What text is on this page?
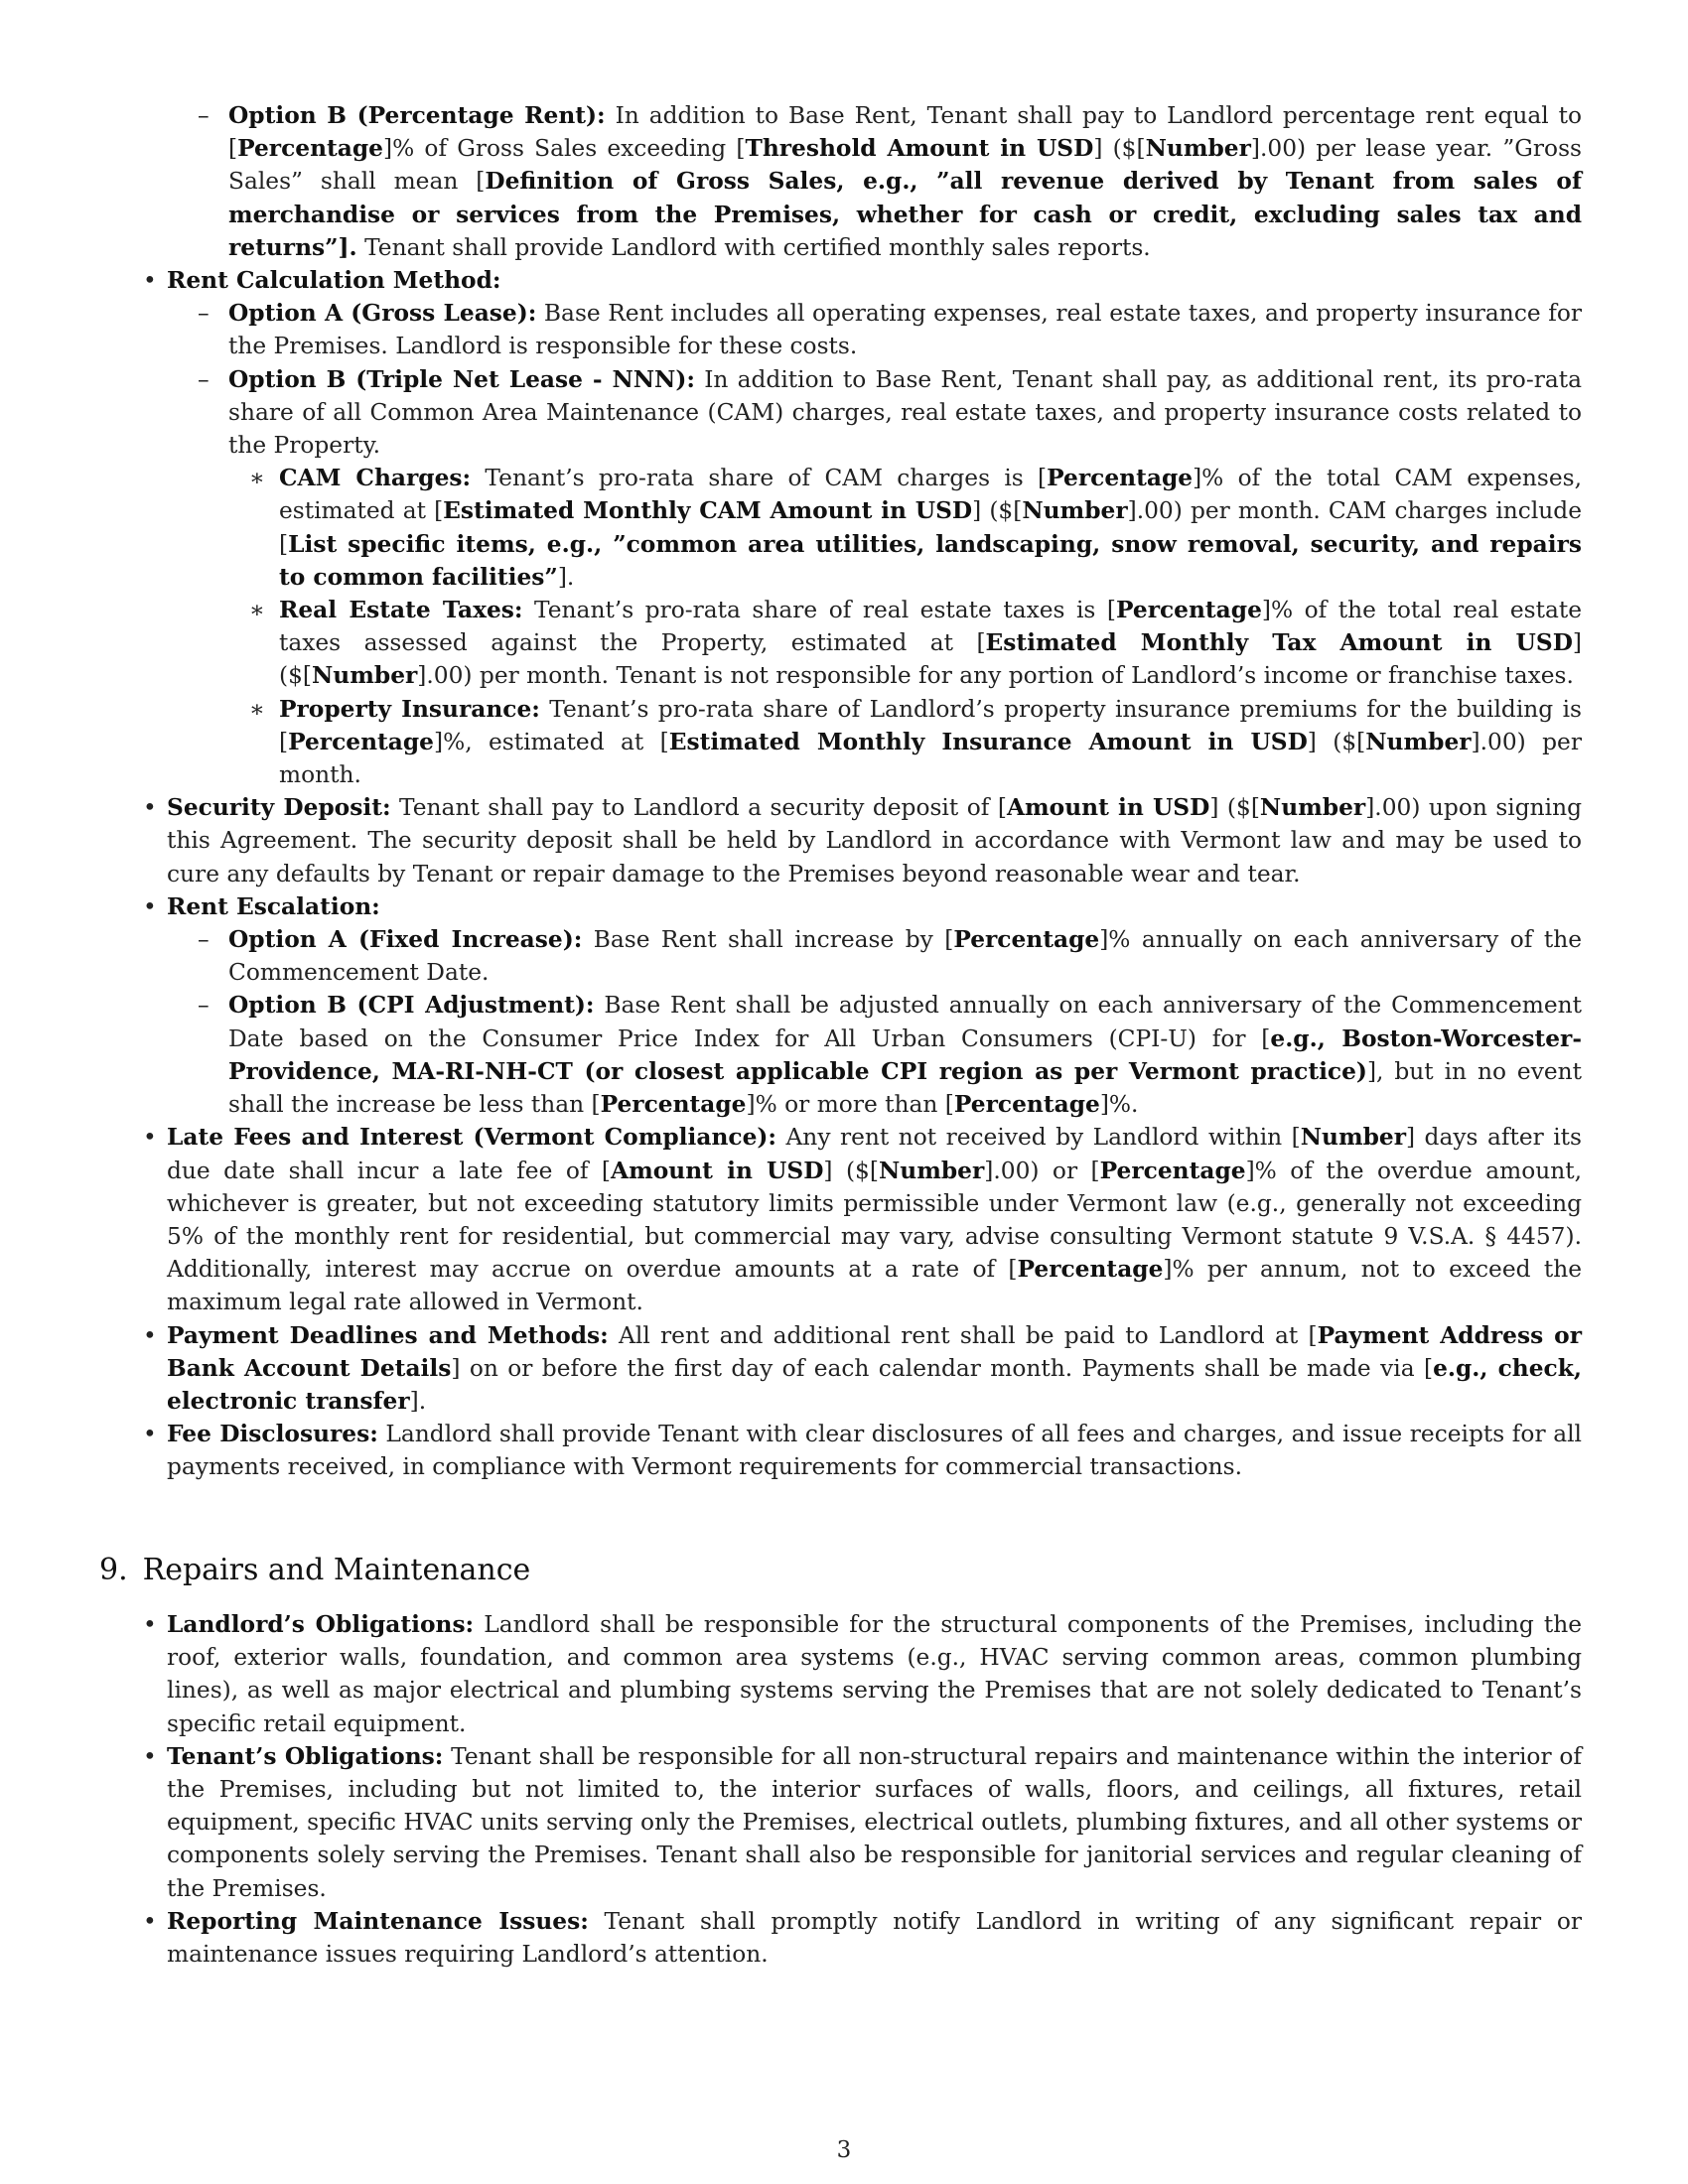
– Option B (Percentage Rent): In addition to Base Rent, Tenant shall pay to Landlord percentage rent equal to [Percentage]% of Gross Sales exceeding [Threshold Amount in USD] ($[Number].00) per lease year. ”Gross Sales” shall mean [Definition of Gross Sales, e.g., ”all revenue derived by Tenant from sales of merchandise or services from the Premises, whether for cash or credit, excluding sales tax and returns”]. Tenant shall provide Landlord with certified monthly sales reports.

• Rent Calculation Method:

– Option A (Gross Lease): Base Rent includes all operating expenses, real estate taxes, and property insurance for the Premises. Landlord is responsible for these costs.

– Option B (Triple Net Lease - NNN): In addition to Base Rent, Tenant shall pay, as additional rent, its pro-rata share of all Common Area Maintenance (CAM) charges, real estate taxes, and property insurance costs related to the Property.

∗ CAM Charges: Tenant’s pro-rata share of CAM charges is [Percentage]% of the total CAM expenses, estimated at [Estimated Monthly CAM Amount in USD] ($[Number].00) per month. CAM charges include [List specific items, e.g., ”common area utilities, landscaping, snow removal, security, and repairs to common facilities”].

∗ Real Estate Taxes: Tenant’s pro-rata share of real estate taxes is [Percentage]% of the total real estate taxes assessed against the Property, estimated at [Estimated Monthly Tax Amount in USD] ($[Number].00) per month. Tenant is not responsible for any portion of Landlord’s income or franchise taxes.

∗ Property Insurance: Tenant’s pro-rata share of Landlord’s property insurance premiums for the building is [Percentage]%, estimated at [Estimated Monthly Insurance Amount in USD] ($[Number].00) per month.

• Security Deposit: Tenant shall pay to Landlord a security deposit of [Amount in USD] ($[Number].00) upon signing this Agreement. The security deposit shall be held by Landlord in accordance with Vermont law and may be used to cure any defaults by Tenant or repair damage to the Premises beyond reasonable wear and tear.

• Rent Escalation:

– Option A (Fixed Increase): Base Rent shall increase by [Percentage]% annually on each anniversary of the Commencement Date.

– Option B (CPI Adjustment): Base Rent shall be adjusted annually on each anniversary of the Commencement Date based on the Consumer Price Index for All Urban Consumers (CPI-U) for [e.g., Boston-Worcester-Providence, MA-RI-NH-CT (or closest applicable CPI region as per Vermont practice)], but in no event shall the increase be less than [Percentage]% or more than [Percentage]%.

• Late Fees and Interest (Vermont Compliance): Any rent not received by Landlord within [Number] days after its due date shall incur a late fee of [Amount in USD] ($[Number].00) or [Percentage]% of the overdue amount, whichever is greater, but not exceeding statutory limits permissible under Vermont law (e.g., generally not exceeding 5% of the monthly rent for residential, but commercial may vary, advise consulting Vermont statute 9 V.S.A. § 4457). Additionally, interest may accrue on overdue amounts at a rate of [Percentage]% per annum, not to exceed the maximum legal rate allowed in Vermont.

• Payment Deadlines and Methods: All rent and additional rent shall be paid to Landlord at [Payment Address or Bank Account Details] on or before the first day of each calendar month. Payments shall be made via [e.g., check, electronic transfer].

• Fee Disclosures: Landlord shall provide Tenant with clear disclosures of all fees and charges, and issue receipts for all payments received, in compliance with Vermont requirements for commercial transactions.

9. Repairs and Maintenance

• Landlord’s Obligations: Landlord shall be responsible for the structural components of the Premises, including the roof, exterior walls, foundation, and common area systems (e.g., HVAC serving common areas, common plumbing lines), as well as major electrical and plumbing systems serving the Premises that are not solely dedicated to Tenant’s specific retail equipment.

• Tenant’s Obligations: Tenant shall be responsible for all non-structural repairs and maintenance within the interior of the Premises, including but not limited to, the interior surfaces of walls, floors, and ceilings, all fixtures, retail equipment, specific HVAC units serving only the Premises, electrical outlets, plumbing fixtures, and all other systems or components solely serving the Premises. Tenant shall also be responsible for janitorial services and regular cleaning of the Premises.

• Reporting Maintenance Issues: Tenant shall promptly notify Landlord in writing of any significant repair or maintenance issues requiring Landlord’s attention.

3
